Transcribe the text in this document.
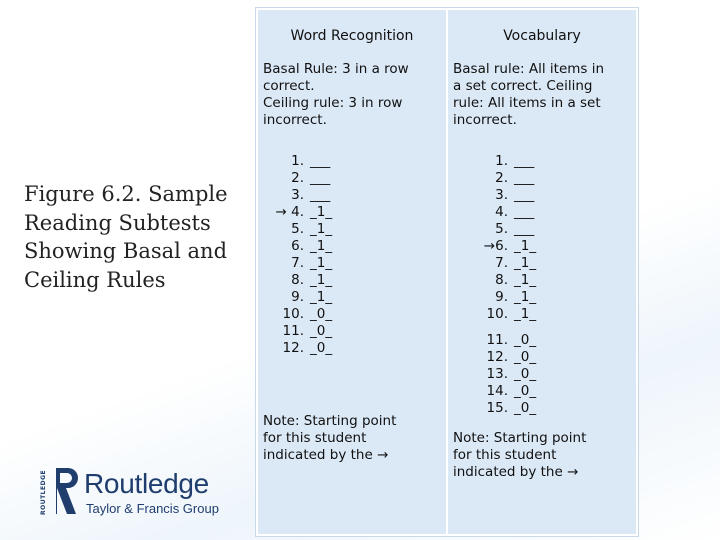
Figure 6.2. Sample
Reading Subtests
Showing Basal and
Ceiling Rules
Word Recognition
Basal Rule: 3 in a row
correct.
Ceiling rule: 3 in row
incorrect.
1. ___
2. ___
3. ___
→ 4. _1_
5. _1_
6. _1_
7. _1_
8. _1_
9. _1_
10. _0_
11. _0_
12. _0_
Note: Starting point
for this student
indicated by the →
Vocabulary
Basal rule: All items in
a set correct. Ceiling
rule: All items in a set
incorrect.
1. ___
2. ___
3. ___
4. ___
5. ___
→6. _1_
7. _1_
8. _1_
9. _1_
10. _1_
11. _0_
12. _0_
13. _0_
14. _0_
15. _0_
Note: Starting point
for this student
indicated by the →
ROUTLEDGE Routledge
Taylor & Francis Group
